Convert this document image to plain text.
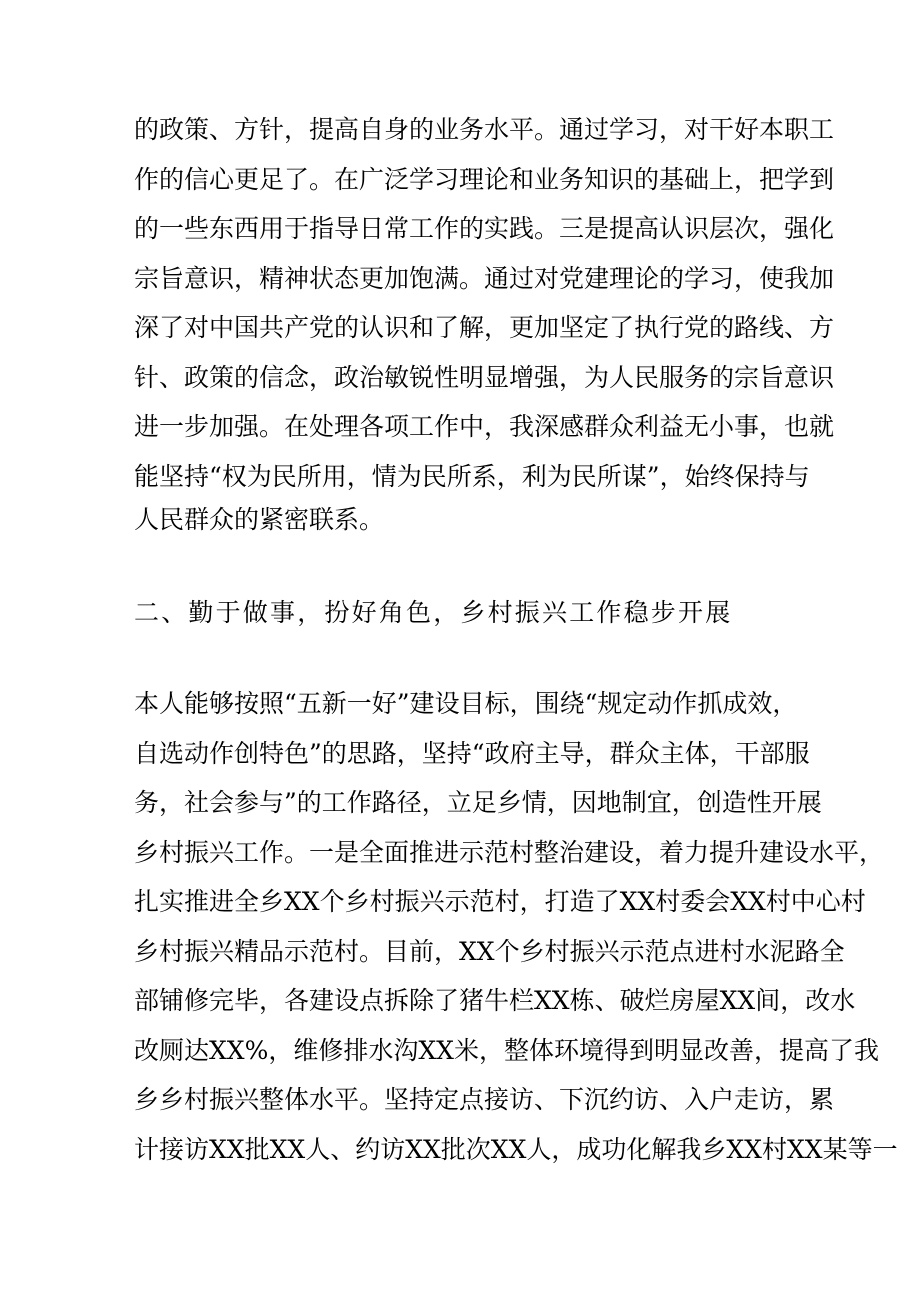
的政策、方针，提高自身的业务水平。通过学习，对干好本职工
作的信心更足了。在广泛学习理论和业务知识的基础上，把学到
的一些东西用于指导日常工作的实践。三是提高认识层次，强化
宗旨意识，精神状态更加饱满。通过对党建理论的学习，使我加
深了对中国共产党的认识和了解，更加坚定了执行党的路线、方
针、政策的信念，政治敏锐性明显增强，为人民服务的宗旨意识
进一步加强。在处理各项工作中，我深感群众利益无小事，也就
能坚持“权为民所用，情为民所系，利为民所谋”，始终保持与
人民群众的紧密联系。
二、勤于做事，扮好角色，乡村振兴工作稳步开展
本人能够按照“五新一好”建设目标，围绕“规定动作抓成效，
自选动作创特色”的思路，坚持“政府主导，群众主体，干部服
务，社会参与”的工作路径，立足乡情，因地制宜，创造性开展
乡村振兴工作。一是全面推进示范村整治建设，着力提升建设水平，
扎实推进全乡XX个乡村振兴示范村，打造了XX村委会XX村中心村
乡村振兴精品示范村。目前，XX个乡村振兴示范点进村水泥路全
部铺修完毕，各建设点拆除了猪牛栏XX栋、破烂房屋XX间，改水
改厕达XX%，维修排水沟XX米，整体环境得到明显改善，提高了我
乡乡村振兴整体水平。坚持定点接访、下沉约访、入户走访，累
计接访XX批XX人、约访XX批次XX人，成功化解我乡XX村XX某等一
